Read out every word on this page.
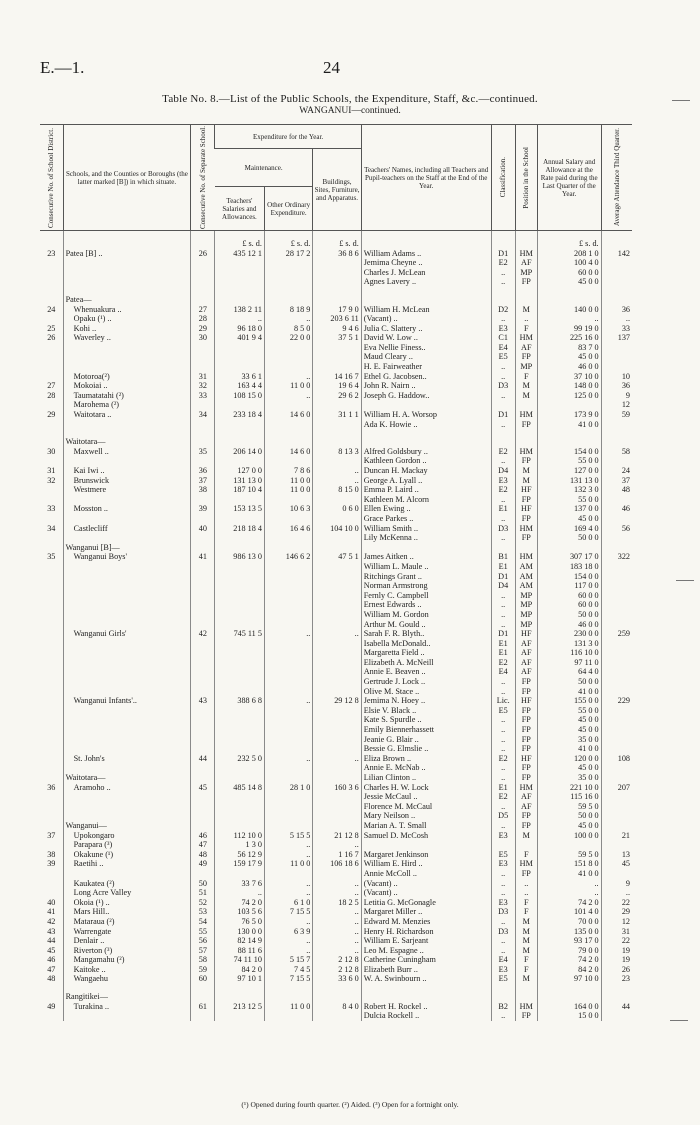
E.—1.	24
Table No. 8.—List of the Public Schools, the Expenditure, Staff, &c.—continued.
WANGANUI—continued.
Consecutive No. of School District.	Schools, and the Counties or Boroughs (the latter marked [B]) in which situate.	Consecutive No. of Separate School.	Expenditure for the Year.			Teachers' Names, including all Teachers and Pupil-teachers on the Staff at the End of the Year.	Classification.	Position in the School	Annual Salary and Allowance at the Rate paid during the Last Quarter of the Year.	Average Attendance Third Quarter.

			Maintenance.		Buildings, Sites, Furniture, and Apparatus.					
			Teachers' Salaries and Allowances.	Other Ordinary Expenditure.						
			£ s. d.	£ s. d.	£ s. d.				£ s. d.	
23	Patea [B] ..	26	435 12 1	28 17 2	36 8 6	William Adams ..	D1	HM	208 1 0	142
						Jemima Cheyne ..	E2	AF	100 4 0	
						Charles J. McLean	..	MP	60 0 0	
						Agnes Lavery ..	..	FP	45 0 0	

	Patea—									
24	Whenuakura ..	27	138 2 11	8 18 9	17 9 0	William H. McLean	D2	M	140 0 0	36
	Opaku (¹) ..	28	..	..	203 6 11	(Vacant) ..	..	..	..	..
25	Kohi ..	29	96 18 0	8 5 0	9 4 6	Julia C. Slattery ..	E3	F	99 19 0	33
26	Waverley ..	30	401 9 4	22 0 0	37 5 1	David W. Low ..	C1	HM	225 16 0	137
						Eva Nellie Finess..	E4	AF	83 7 0	
						Maud Cleary ..	E5	FP	45 0 0	
						H. E. Fairweather	..	MP	46 0 0	
	Motoroa(²)	31	33 6 1	..	14 16 7	Ethel G. Jacobsen..	..	F	37 10 0	10
27	Mokoiai ..	32	163 4 4	11 0 0	19 6 4	John R. Nairn ..	D3	M	148 0 0	36
28	Taumatatahi (²)	33	108 15 0	..	29 6 2	Joseph G. Haddow..	..	M	125 0 0	9
	Marohema (²)									12
29	Waitotara ..	34	233 18 4	14 6 0	31 1 1	William H. A. Worsop	D1	HM	173 9 0	59
						Ada K. Howie ..	..	FP	41 0 0	

	Waitotara—									
30	Maxwell ..	35	206 14 0	14 6 0	8 13 3	Alfred Goldsbury ..	E2	HM	154 0 0	58
						Kathleen Gordon ..	..	FP	55 0 0	
31	Kai Iwi ..	36	127 0 0	7 8 6	..	Duncan H. Mackay	D4	M	127 0 0	24
32	Brunswick	37	131 13 0	11 0 0	..	George A. Lyall ..	E3	M	131 13 0	37
	Westmere	38	187 10 4	11 0 0	8 15 0	Emma P. Laird ..	E2	HF	132 3 0	48
						Kathleen M. Alcorn	..	FP	55 0 0	
33	Mosston ..	39	153 13 5	10 6 3	0 6 0	Ellen Ewing ..	E1	HF	137 0 0	46
						Grace Parkes ..	..	FP	45 0 0	
34	Castlecliff	40	218 18 4	16 4 6	104 10 0	William Smith ..	D3	HM	169 4 0	56
						Lily McKenna ..	..	FP	50 0 0	
	Wanganui [B]—									
35	Wanganui Boys'	41	986 13 0	146 6 2	47 5 1	James Aitken ..	B1	HM	307 17 0	322
						William L. Maule ..	E1	AM	183 18 0	
						Ritchings Grant ..	D1	AM	154 0 0	
						Norman Armstrong	D4	AM	117 0 0	
						Fernly C. Campbell	..	MP	60 0 0	
						Ernest Edwards ..	..	MP	60 0 0	
						William M. Gordon	..	MP	50 0 0	
						Arthur M. Gould ..	..	MP	46 0 0	
	Wanganui Girls'	42	745 11 5	..	..	Sarah F. R. Blyth..	D1	HF	230 0 0	259
						Isabella McDonald..	E1	AF	131 3 0	
						Margaretta Field ..	E1	AF	116 10 0	
						Elizabeth A. McNeill	E2	AF	97 11 0	
						Annie E. Beaven ..	E4	AF	64 4 0	
						Gertrude J. Lock ..	..	FP	50 0 0	
						Olive M. Stace ..	..	FP	41 0 0	
	Wanganui Infants'..	43	388 6 8	..	29 12 8	Jemima N. Hoey ..	Lic.	HF	155 0 0	229
						Elsie V. Black ..	E5	FP	55 0 0	
						Kate S. Spurdle ..	..	FP	45 0 0	
						Emily Biennerhassett	..	FP	45 0 0	
						Jeanie G. Blair ..	..	FP	35 0 0	
						Bessie G. Elmslie ..	..	FP	41 0 0	
	St. John's	44	232 5 0	..	..	Eliza Brown ..	E2	HF	120 0 0	108
						Annie E. McNab ..	..	FP	45 0 0	
	Waitotara—					Lilian Clinton ..	..	FP	35 0 0	
36	Aramoho ..	45	485 14 8	28 1 0	160 3 6	Charles H. W. Lock	E1	HM	221 10 0	207
						Jessie McCaul ..	E2	AF	115 16 0	
						Florence M. McCaul	..	AF	59 5 0	
						Mary Neilson ..	D5	FP	50 0 0	
	Wanganui—					Marian A. T. Small	..	FP	45 0 0	
37	Upokongaro	46	112 10 0	5 15 5	21 12 8	Samuel D. McCosh	E3	M	100 0 0	21
	Parapara (³)	47	1 3 0	..	..					
38	Okakune (¹)	48	56 12 9	..	1 16 7	Margaret Jenkinson	E5	F	59 5 0	13
39	Raetihi ..	49	159 17 9	11 0 0	106 18 6	William E. Hird ..	E3	HM	151 8 0	45
						Annie McColl ..	..	FP	41 0 0	
	Kaukatea (²)	50	33 7 6	..	..	(Vacant) ..	..	..	..	9
	Long Acre Valley	51	..	..	..	(Vacant) ..	..	..	..	..
40	Okoia (¹) ..	52	74 2 0	6 1 0	18 2 5	Letitia G. McGonagle	E3	F	74 2 0	22
41	Mars Hill..	53	103 5 6	7 15 5	..	Margaret Miller ..	D3	F	101 4 0	29
42	Mataraua (²)	54	76 5 0	..	..	Edward M. Menzies	..	M	70 0 0	12
43	Warrengate	55	130 0 0	6 3 9	..	Henry H. Richardson	D3	M	135 0 0	31
44	Denlair ..	56	82 14 9	..	..	William E. Sarjeant	..	M	93 17 0	22
45	Riverton (³)	57	88 11 6	..	..	Leo M. Espagne ..	..	M	79 0 0	19
46	Mangamahu (²)	58	74 11 10	5 15 7	2 12 8	Catherine Cuningham	E4	F	74 2 0	19
47	Kaitoke ..	59	84 2 0	7 4 5	2 12 8	Elizabeth Burr ..	E3	F	84 2 0	26
48	Wangaehu	60	97 10 1	7 15 5	33 6 0	W. A. Swinbourn ..	E5	M	97 10 0	23

	Rangitikei—									
49	Turakina ..	61	213 12 5	11 0 0	8 4 0	Robert H. Rockel ..	B2	HM	164 0 0	44
						Dulcia Rockell ..	..	FP	15 0 0	
(¹) Opened during fourth quarter. (²) Aided. (³) Open for a fortnight only.
